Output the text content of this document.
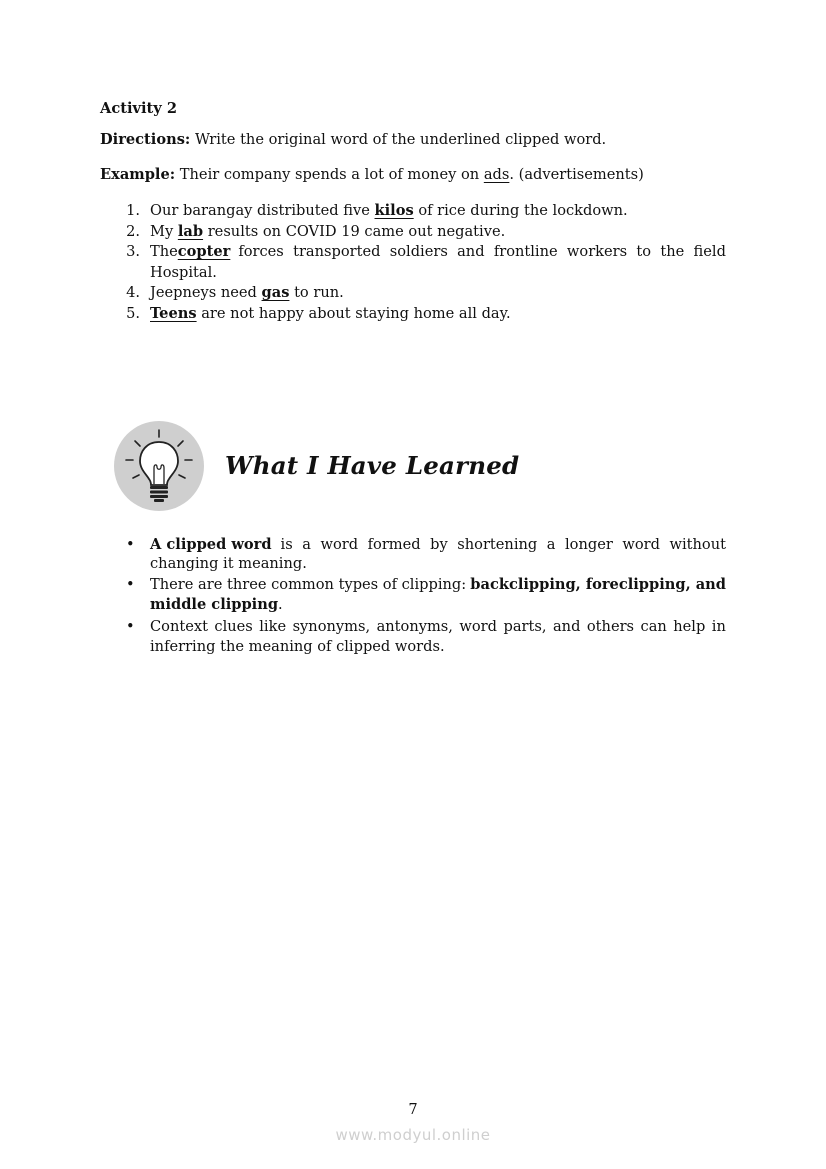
Activity 2
Directions: Write the original word of the underlined clipped word.
Example: Their company spends a lot of money on ads. (advertisements)
1. Our barangay distributed five kilos of rice during the lockdown.
2. My lab results on COVID 19 came out negative.
3. The copter forces transported soldiers and frontline workers to the field
Hospital.
4. Jeepneys need gas to run.
5. Teens are not happy about staying home all day.
What I Have Learned
• A clipped word is a word formed by shortening a longer word without
changing it meaning.
• There are three common types of clipping: backclipping, foreclipping, and
middle clipping.
• Context clues like synonyms, antonyms, word parts, and others can help in
inferring the meaning of clipped words.
7
www.modyul.online
